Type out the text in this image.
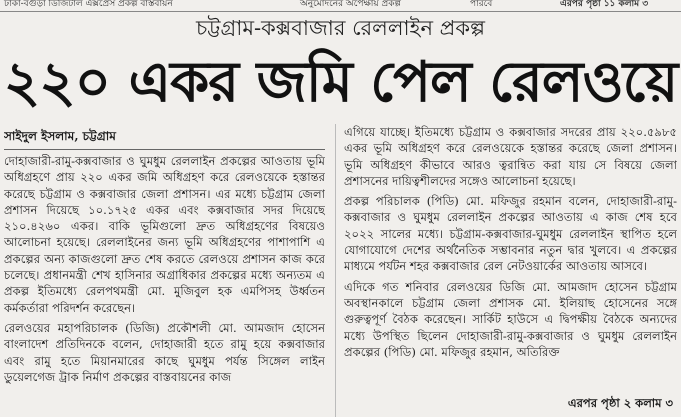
ঢাকা-বগুড়া ডিজিটাল এক্সপ্রেস প্রকল্প বাস্তবায়ন	অনুমোদনের অপেক্ষায় প্রকল্প	পারবে	এরপর পৃষ্ঠা ১১ কলাম ৩
চট্টগ্রাম-কক্সবাজার রেললাইন প্রকল্প
২২০ একর জমি পেল রেলওয়ে
সাইদুল ইসলাম, চট্টগ্রাম

দোহাজারী-রামু-কক্সবাজার ও ঘুমধুম রেললাইন প্রকল্পের আওতায় ভূমি অধিগ্রহণে প্রায় ২২০ একর জমি অধিগ্রহণ করে রেলওয়েকে হস্তান্তর করেছে চট্টগ্রাম ও কক্সবাজার জেলা প্রশাসন। এর মধ্যে চট্টগ্রাম জেলা প্রশাসন দিয়েছে ১০.১৭২৫ একর এবং কক্সবাজার সদর দিয়েছে ২১০.৪২৬০ একর। বাকি ভূমিগুলো দ্রুত অধিগ্রহণের বিষয়েও আলোচনা হয়েছে। রেললাইনের জন্য ভূমি অধিগ্রহণের পাশাপাশি এ প্রকল্পের অন্য কাজগুলো দ্রুত শেষ করতে রেলওয়ে প্রশাসন কাজ করে চলেছে। প্রধানমন্ত্রী শেখ হাসিনার অগ্রাধিকার প্রকল্পের মধ্যে অন্যতম এ প্রকল্প ইতিমধ্যে রেলপথমন্ত্রী মো. মুজিবুল হক এমপিসহ উর্ধ্বতন কর্মকর্তারা পরিদর্শন করেছেন।

রেলওয়ের মহাপরিচালক (ডিজি) প্রকৌশলী মো. আমজাদ হোসেন বাংলাদেশ প্রতিদিনকে বলেন, দোহাজারী হতে রামু হয়ে কক্সবাজার এবং রামু হতে মিয়ানমারের কাছে ঘুমধুম পর্যন্ত সিঙ্গেল লাইন ডুয়েলগেজ ট্রাক নির্মাণ প্রকল্পের বাস্তবায়নের কাজ

এগিয়ে যাচ্ছে। ইতিমধ্যে চট্টগ্রাম ও কক্সবাজার সদরের প্রায় ২২০.৫৯৮৫ একর ভূমি অধিগ্রহণ করে রেলওয়েকে হস্তান্তর করেছে জেলা প্রশাসন। ভূমি অধিগ্রহণ কীভাবে আরও ত্বরান্বিত করা যায় সে বিষয়ে জেলা প্রশাসনের দায়িত্বশীলদের সঙ্গেও আলোচনা হয়েছে।

প্রকল্প পরিচালক (পিডি) মো. মফিজুর রহমান বলেন, দোহাজারী-রামু-কক্সবাজার ও ঘুমধুম রেললাইন প্রকল্পের আওতায় এ কাজ শেষ হবে ২০২২ সালের মধ্যে। চট্টগ্রাম-কক্সবাজার-ঘুমধুম রেললাইন স্থাপিত হলে যোগাযোগে দেশের অর্থনৈতিক সম্ভাবনার নতুন দ্বার খুলবে। এ প্রকল্পের মাধ্যমে পর্যটন শহর কক্সবাজার রেল নেটওয়ার্কের আওতায় আসবে।

এদিকে গত শনিবার রেলওয়ের ডিজি মো. আমজাদ হোসেন চট্টগ্রাম অবস্থানকালে চট্টগ্রাম জেলা প্রশাসক মো. ইলিয়াছ হোসেনের সঙ্গে গুরুত্বপূর্ণ বৈঠক করেছেন। সার্কিট হাউসে এ দ্বিপক্ষীয় বৈঠকে অন্যদের মধ্যে উপস্থিত ছিলেন দোহাজারী-রামু-কক্সবাজার ও ঘুমধুম রেললাইন প্রকল্পের (পিডি) মো. মফিজুর রহমান, অতিরিক্ত

এরপর পৃষ্ঠা ২ কলাম ৩
